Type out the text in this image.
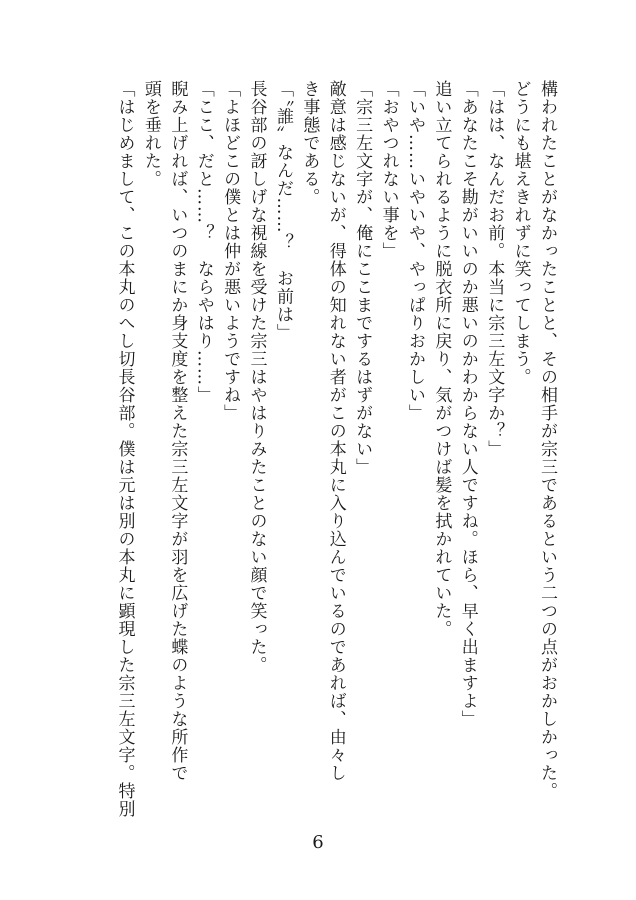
構われたことがなかったことと、その相手が宗三であるという二つの点がおかしかった。

どうにも堪えきれずに笑ってしまう。

「はは、なんだお前。本当に宗三左文字か？」

「あなたこそ勘がいいのか悪いのかわからない人ですね。ほら、早く出ますよ」

追い立てられるように脱衣所に戻り、気がつけば髪を拭かれていた。

「いや……いやいや、やっぱりおかしい」

「おやつれない事を」

「宗三左文字が、俺にここまでするはずがない」

敵意は感じないが、得体の知れない者がこの本丸に入り込んでいるのであれば、由々し

き事態である。

「〝誰〟なんだ……？　お前は」

長谷部の訝しげな視線を受けた宗三はやはりみたことのない顔で笑った。

「よほどこの僕とは仲が悪いようですね」

「ここ、だと……？　ならやはり……」

睨み上げれば、いつのまにか身支度を整えた宗三左文字が羽を広げた蝶のような所作で

頭を垂れた。

「はじめまして、この本丸のへし切長谷部。僕は元は別の本丸に顕現した宗三左文字。特別

6
